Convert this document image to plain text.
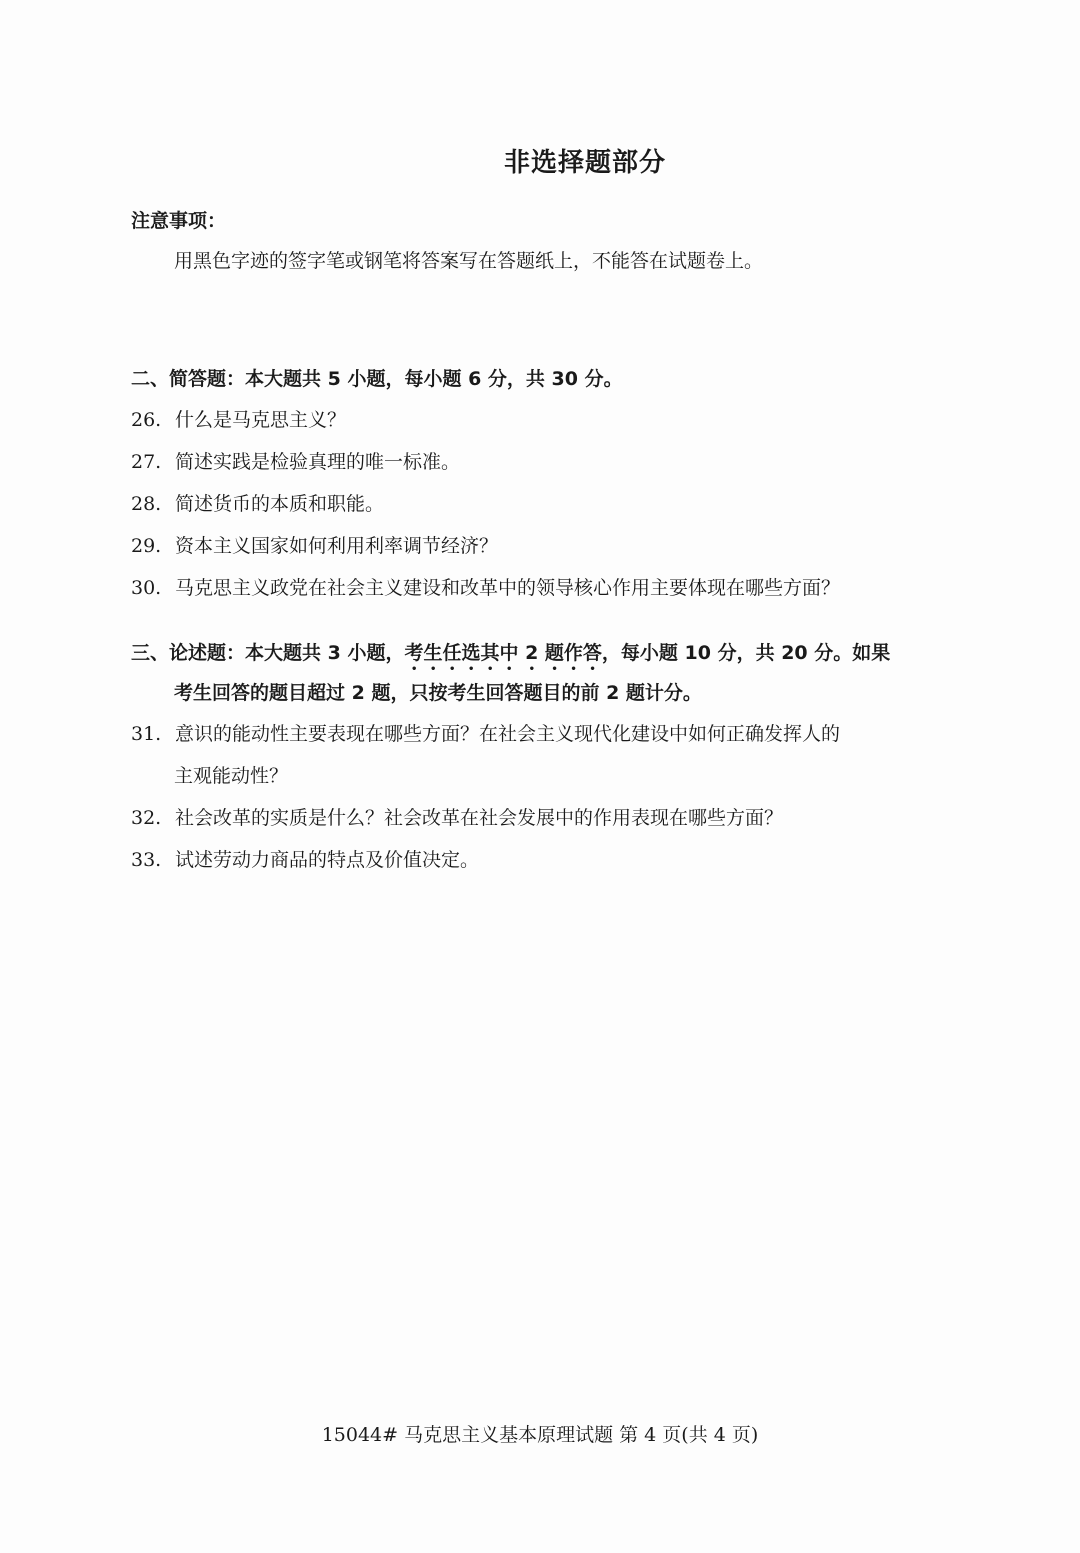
非选择题部分
注意事项：
用黑色字迹的签字笔或钢笔将答案写在答题纸上，不能答在试题卷上。
二、简答题：本大题共 5 小题，每小题 6 分，共 30 分。
26. 什么是马克思主义？
27. 简述实践是检验真理的唯一标准。
28. 简述货币的本质和职能。
29. 资本主义国家如何利用利率调节经济？
30. 马克思主义政党在社会主义建设和改革中的领导核心作用主要体现在哪些方面？
三、论述题：本大题共 3 小题，考生任选其中 2 题作答，每小题 10 分，共 20 分。如果
考生回答的题目超过 2 题，只按考生回答题目的前 2 题计分。
31. 意识的能动性主要表现在哪些方面？在社会主义现代化建设中如何正确发挥人的
主观能动性？
32. 社会改革的实质是什么？社会改革在社会发展中的作用表现在哪些方面？
33. 试述劳动力商品的特点及价值决定。
15044# 马克思主义基本原理试题 第 4 页(共 4 页)
